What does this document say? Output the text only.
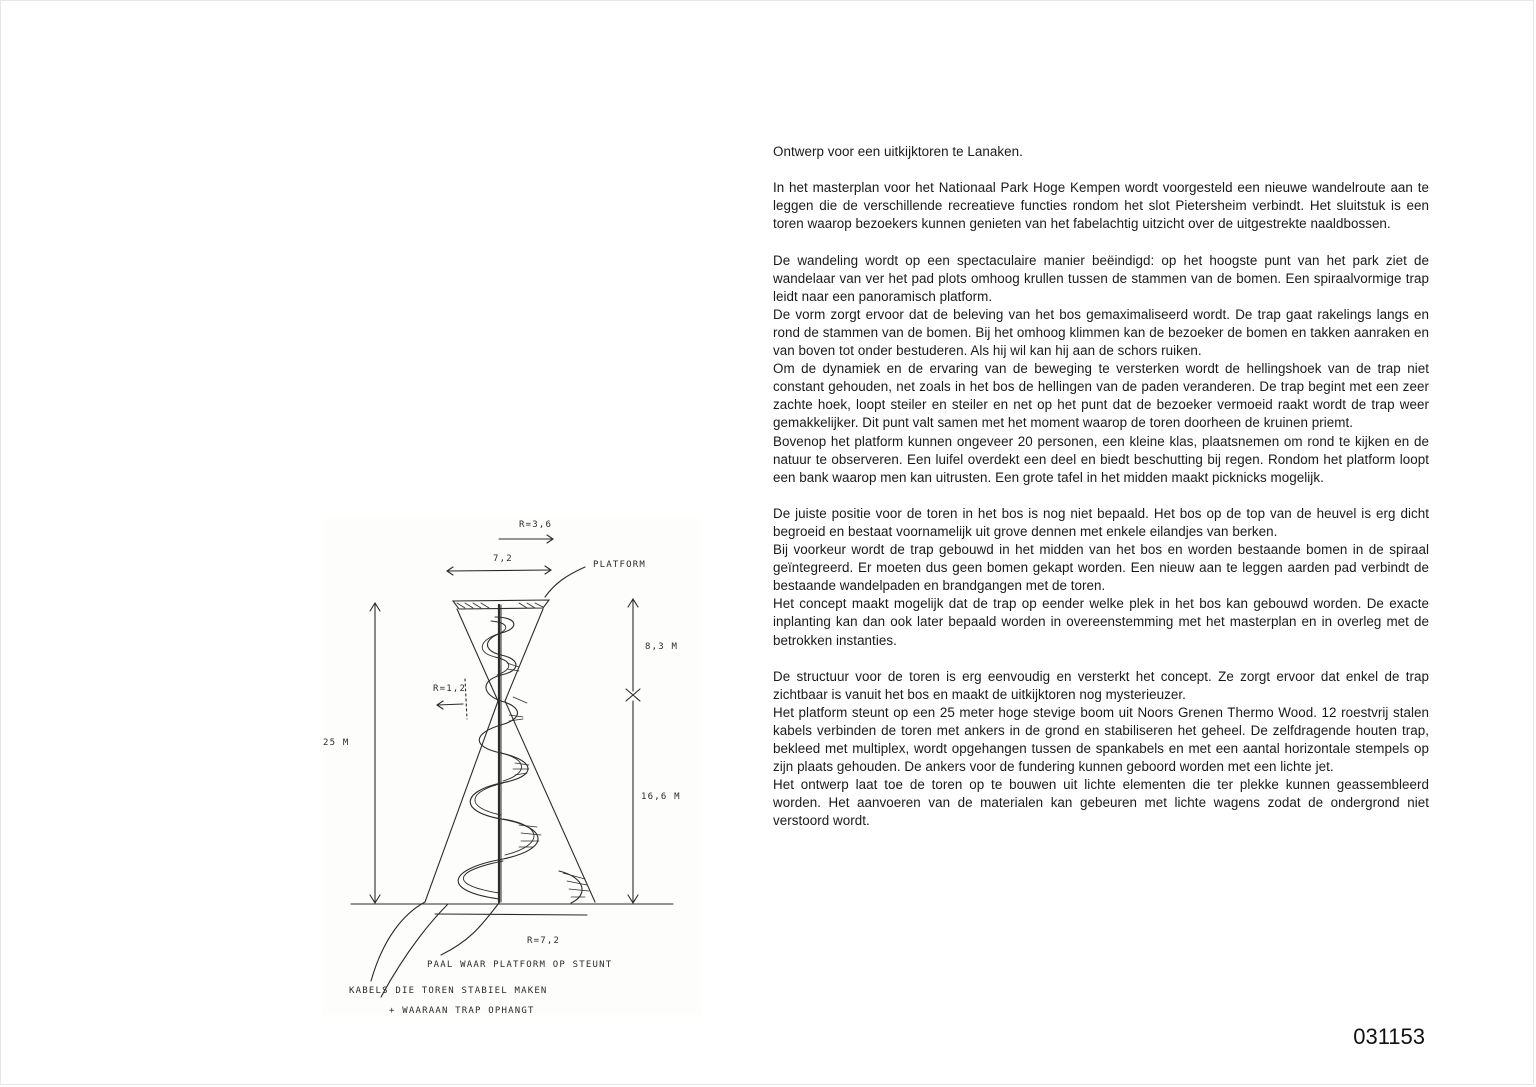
R=3,6
7,2
PLATFORM
8,3 M
25 M
R=1,2
16,6 M
R=7,2
PAAL WAAR PLATFORM OP STEUNT
KABELS DIE TOREN STABIEL MAKEN
+ WAARAAN TRAP OPHANGT

Ontwerp voor een uitkijktoren te Lanaken.

In het masterplan voor het Nationaal Park Hoge Kempen wordt voorgesteld een nieuwe wandelroute aan te leggen die de verschillende recreatieve functies rondom het slot Pietersheim verbindt. Het sluitstuk is een toren waarop bezoekers kunnen genieten van het fabelachtig uitzicht over de uitgestrekte naaldbossen.

De wandeling wordt op een spectaculaire manier beëindigd: op het hoogste punt van het park ziet de wandelaar van ver het pad plots omhoog krullen tussen de stammen van de bomen. Een spiraalvormige trap leidt naar een panoramisch platform.

De vorm zorgt ervoor dat de beleving van het bos gemaximaliseerd wordt. De trap gaat rakelings langs en rond de stammen van de bomen. Bij het omhoog klimmen kan de bezoeker de bomen en takken aanraken en van boven tot onder bestuderen. Als hij wil kan hij aan de schors ruiken.

Om de dynamiek en de ervaring van de beweging te versterken wordt de hellingshoek van de trap niet constant gehouden, net zoals in het bos de hellingen van de paden veranderen. De trap begint met een zeer zachte hoek, loopt steiler en steiler en net op het punt dat de bezoeker vermoeid raakt wordt de trap weer gemakkelijker. Dit punt valt samen met het moment waarop de toren doorheen de kruinen priemt.

Bovenop het platform kunnen ongeveer 20 personen, een kleine klas, plaatsnemen om rond te kijken en de natuur te observeren. Een luifel overdekt een deel en biedt beschutting bij regen. Rondom het platform loopt een bank waarop men kan uitrusten. Een grote tafel in het midden maakt picknicks mogelijk.

De juiste positie voor de toren in het bos is nog niet bepaald. Het bos op de top van de heuvel is erg dicht begroeid en bestaat voornamelijk uit grove dennen met enkele eilandjes van berken.

Bij voorkeur wordt de trap gebouwd in het midden van het bos en worden bestaande bomen in de spiraal geïntegreerd. Er moeten dus geen bomen gekapt worden. Een nieuw aan te leggen aarden pad verbindt de bestaande wandelpaden en brandgangen met de toren.

Het concept maakt mogelijk dat de trap op eender welke plek in het bos kan gebouwd worden. De exacte inplanting kan dan ook later bepaald worden in overeenstemming met het masterplan en in overleg met de betrokken instanties.

De structuur voor de toren is erg eenvoudig en versterkt het concept. Ze zorgt ervoor dat enkel de trap zichtbaar is vanuit het bos en maakt de uitkijktoren nog mysterieuzer.

Het platform steunt op een 25 meter hoge stevige boom uit Noors Grenen Thermo Wood. 12 roestvrij stalen kabels verbinden de toren met ankers in de grond en stabiliseren het geheel. De zelfdragende houten trap, bekleed met multiplex, wordt opgehangen tussen de spankabels en met een aantal horizontale stempels op zijn plaats gehouden. De ankers voor de fundering kunnen geboord worden met een lichte jet.

Het ontwerp laat toe de toren op te bouwen uit lichte elementen die ter plekke kunnen geassembleerd worden. Het aanvoeren van de materialen kan gebeuren met lichte wagens zodat de ondergrond niet verstoord wordt.

031153
